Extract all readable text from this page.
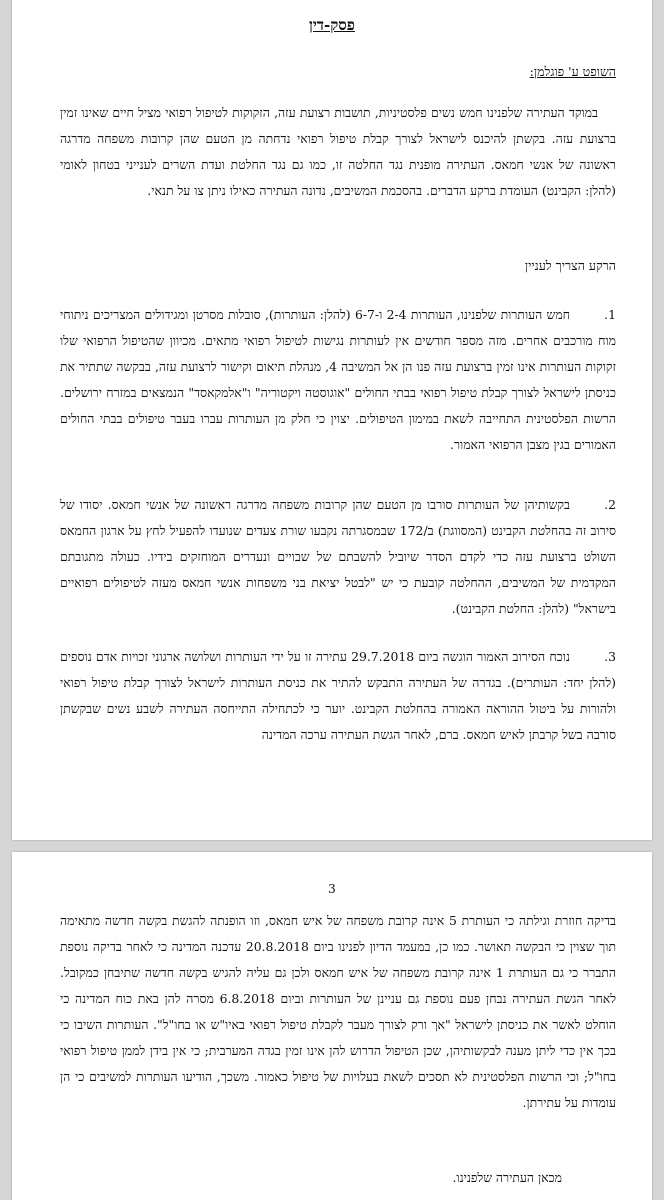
פסק-דין
השופט ע' פוגלמן:

במוקד העתירה שלפנינו חמש נשים פלסטיניות, תושבות רצועת עזה, הזקוקות לטיפול רפואי מציל חיים שאינו זמין ברצועת עזה. בקשתן להיכנס לישראל לצורך קבלת טיפול רפואי נדחתה מן הטעם שהן קרובות משפחה מדרגה ראשונה של אנשי חמאס. העתירה מופנית נגד החלטה זו, כמו גם נגד החלטת ועדת השרים לענייני בטחון לאומי (להלן: הקבינט) העומדת ברקע הדברים. בהסכמת המשיבים, נדונה העתירה כאילו ניתן צו על תנאי.

הרקע הצריך לעניין
1.

חמש העותרות שלפנינו, העותרות 2-4 ו-6-7 (להלן: העותרות), סובלות מסרטן ומגידולים המצריכים ניתוחי מוח מורכבים אחרים. מזה מספר חודשים אין לעותרות נגישות לטיפול רפואי מתאים. מכיוון שהטיפול הרפואי שלו זקוקות העותרות אינו זמין ברצועת עזה פנו הן אל המשיבה 4, מנהלת תיאום וקישור לרצועת עזה, בבקשה שתתיר את כניסתן לישראל לצורך קבלת טיפול רפואי בבתי החולים "אוגוסטה ויקטוריה" ו"אלמקאסד" הנמצאים במזרח ירושלים. הרשות הפלסטינית התחייבה לשאת במימון הטיפולים. יצוין כי חלק מן העותרות עברו בעבר טיפולים בבתי החולים האמורים בגין מצבן הרפואי האמור.

2.

בקשותיהן של העותרות סורבו מן הטעם שהן קרובות משפחה מדרגה ראשונה של אנשי חמאס. יסודו של סירוב זה בהחלטת הקבינט (המסווגת) ב/172 שבמסגרתה נקבעו שורת צעדים שנועדו להפעיל לחץ על ארגון החמאס השולט ברצועת עזה כדי לקדם הסדר שיוביל להשבתם של שבויים ונעדרים המוחזקים בידיו. כעולה מתגובתם המקדמית של המשיבים, ההחלטה קובעת כי יש "לבטל יציאת בני משפחות אנשי חמאס מעזה לטיפולים רפואיים בישראל" (להלן: החלטת הקבינט).

3.

נוכח הסירוב האמור הוגשה ביום 29.7.2018 עתירה זו על ידי העותרות ושלושה ארגוני זכויות אדם נוספים (להלן יחד: העותרים). בגדרה של העתירה התבקש להתיר את כניסת העותרות לישראל לצורך קבלת טיפול רפואי ולהורות על ביטול ההוראה האמורה בהחלטת הקבינט. יוער כי לכתחילה התייחסה העתירה לשבע נשים שבקשתן סורבה בשל קרבתן לאיש חמאס. ברם, לאחר הגשת העתירה ערכה המדינה

3

בדיקה חוזרת וגילתה כי העותרת 5 אינה קרובת משפחה של איש חמאס, וזו הופנתה להגשת בקשה חדשה מתאימה תוך שצוין כי הבקשה תאושר. כמו כן, במעמד הדיון לפנינו ביום 20.8.2018 עדכנה המדינה כי לאחר בדיקה נוספת התברר כי גם העותרת 1 אינה קרובת משפחה של איש חמאס ולכן גם עליה להגיש בקשה חדשה שתיבחן כמקובל. לאחר הגשת העתירה נבחן פעם נוספת גם עניינן של העותרות וביום 6.8.2018 מסרה להן באת כוח המדינה כי הוחלט לאשר את כניסתן לישראל "אך ורק לצורך מעבר לקבלת טיפול רפואי באיו"ש או בחו"ל". העותרות השיבו כי בכך אין כדי ליתן מענה לבקשותיהן, שכן הטיפול הדרוש להן אינו זמין בגדה המערבית; כי אין בידן לממן טיפול רפואי בחו"ל; וכי הרשות הפלסטינית לא תסכים לשאת בעלויות של טיפול כאמור. משכך, הודיעו העותרות למשיבים כי הן עומדות על עתירתן.

מכאן העתירה שלפנינו.
